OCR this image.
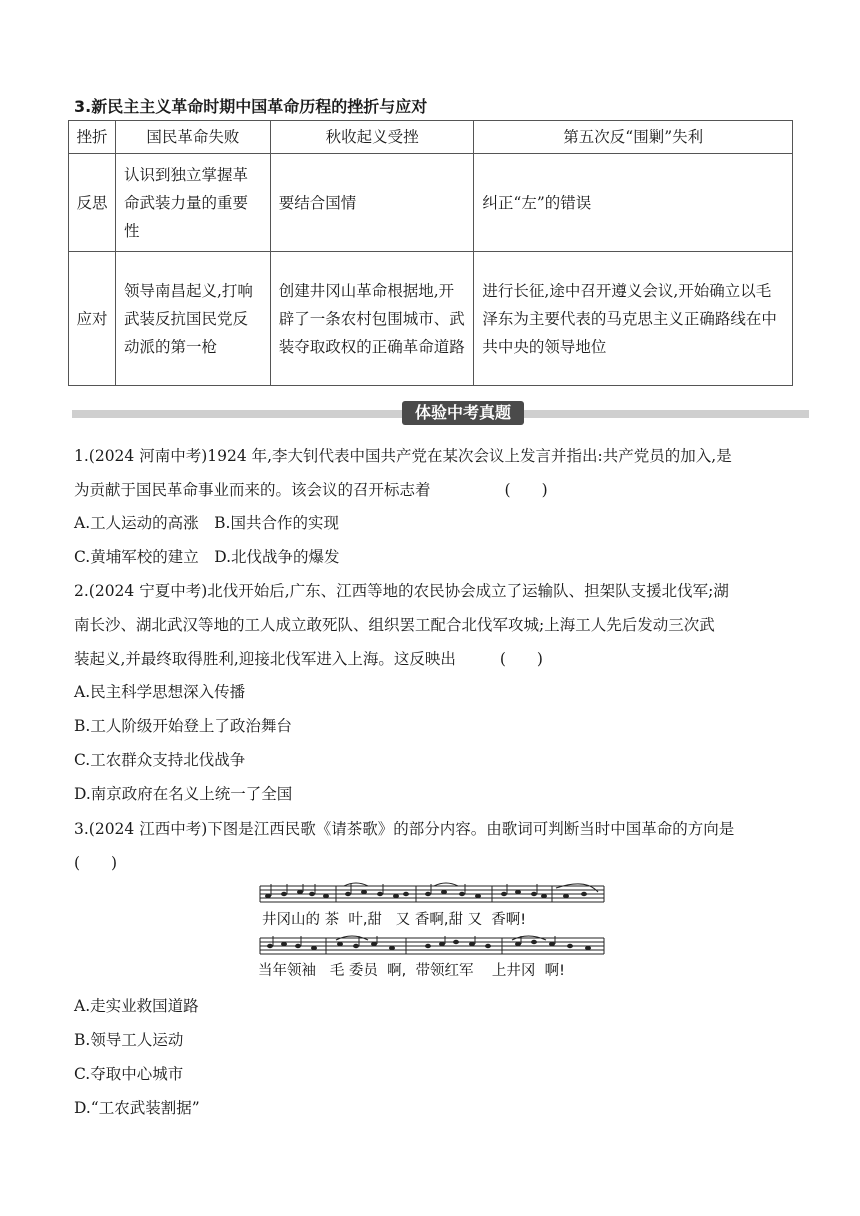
3.新民主主义革命时期中国革命历程的挫折与应对
挫折	国民革命失败	秋收起义受挫	第五次反“围剿”失利
反思	认识到独立掌握革命武装力量的重要性	要结合国情	纠正“左”的错误
应对	领导南昌起义,打响武装反抗国民党反动派的第一枪	创建井冈山革命根据地,开辟了一条农村包围城市、武装夺取政权的正确革命道路	进行长征,途中召开遵义会议,开始确立以毛泽东为主要代表的马克思主义正确路线在中共中央的领导地位
体验中考真题
1.(2024 河南中考)1924 年,李大钊代表中国共产党在某次会议上发言并指出:共产党员的加入,是
为贡献于国民革命事业而来的。该会议的召开标志着	(　　)
A.工人运动的高涨　B.国共合作的实现
C.黄埔军校的建立　D.北伐战争的爆发
2.(2024 宁夏中考)北伐开始后,广东、江西等地的农民协会成立了运输队、担架队支援北伐军;湖
南长沙、湖北武汉等地的工人成立敢死队、组织罢工配合北伐军攻城;上海工人先后发动三次武
装起义,并最终取得胜利,迎接北伐军进入上海。这反映出	(　　)
A.民主科学思想深入传播
B.工人阶级开始登上了政治舞台
C.工农群众支持北伐战争
D.南京政府在名义上统一了全国
3.(2024 江西中考)下图是江西民歌《请茶歌》的部分内容。由歌词可判断当时中国革命的方向是
(　　)
井冈山的 茶  叶,甜   又 香啊,甜 又  香啊!
当年领袖   毛 委员  啊,  带领红军    上井冈  啊!
A.走实业救国道路
B.领导工人运动
C.夺取中心城市
D.“工农武装割据”
